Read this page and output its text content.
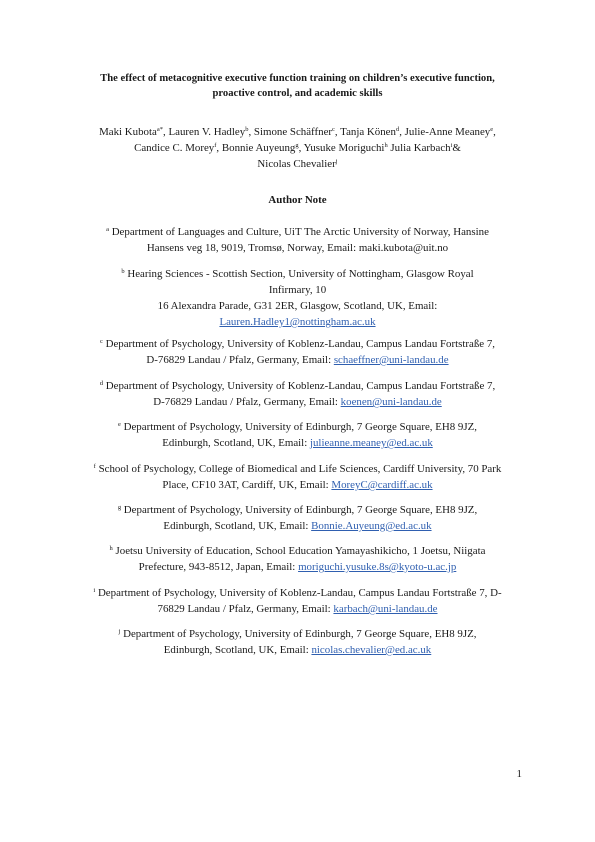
The effect of metacognitive executive function training on children’s executive function,
proactive control, and academic skills
Maki Kubota$^{a*}$, Lauren V. Hadley$^b$, Simone Schäffner$^c$, Tanja Könen$^d$, Julie-Anne Meaney$^e$,
Candice C. Morey$^f$, Bonnie Auyeung$^g$, Yusuke Moriguchi$^h$ Julia Karbach$^i$&
Nicolas Chevalier$^j$
Author Note
$^a$ Department of Languages and Culture, UiT The Arctic University of Norway, Hansine
Hansens veg 18, 9019, Tromsø, Norway, Email: maki.kubota@uit.no
$^b$ Hearing Sciences - Scottish Section, University of Nottingham, Glasgow Royal
Infirmary, 10
16 Alexandra Parade, G31 2ER, Glasgow, Scotland, UK, Email:
Lauren.Hadley1@nottingham.ac.uk
$^c$ Department of Psychology, University of Koblenz-Landau, Campus Landau Fortstraße 7,
D-76829 Landau / Pfalz, Germany, Email: schaeffner@uni-landau.de
$^d$ Department of Psychology, University of Koblenz-Landau, Campus Landau Fortstraße 7,
D-76829 Landau / Pfalz, Germany, Email: koenen@uni-landau.de
$^e$ Department of Psychology, University of Edinburgh, 7 George Square, EH8 9JZ,
Edinburgh, Scotland, UK, Email: julieanne.meaney@ed.ac.uk
$^f$ School of Psychology, College of Biomedical and Life Sciences, Cardiff University, 70 Park
Place, CF10 3AT, Cardiff, UK, Email: MoreyC@cardiff.ac.uk
$^g$ Department of Psychology, University of Edinburgh, 7 George Square, EH8 9JZ,
Edinburgh, Scotland, UK, Email: Bonnie.Auyeung@ed.ac.uk
$^h$ Joetsu University of Education, School Education Yamayashikicho, 1 Joetsu, Niigata
Prefecture, 943-8512, Japan, Email: moriguchi.yusuke.8s@kyoto-u.ac.jp
$^i$ Department of Psychology, University of Koblenz-Landau, Campus Landau Fortstraße 7, D-
76829 Landau / Pfalz, Germany, Email: karbach@uni-landau.de
$^j$ Department of Psychology, University of Edinburgh, 7 George Square, EH8 9JZ,
Edinburgh, Scotland, UK, Email: nicolas.chevalier@ed.ac.uk
1
